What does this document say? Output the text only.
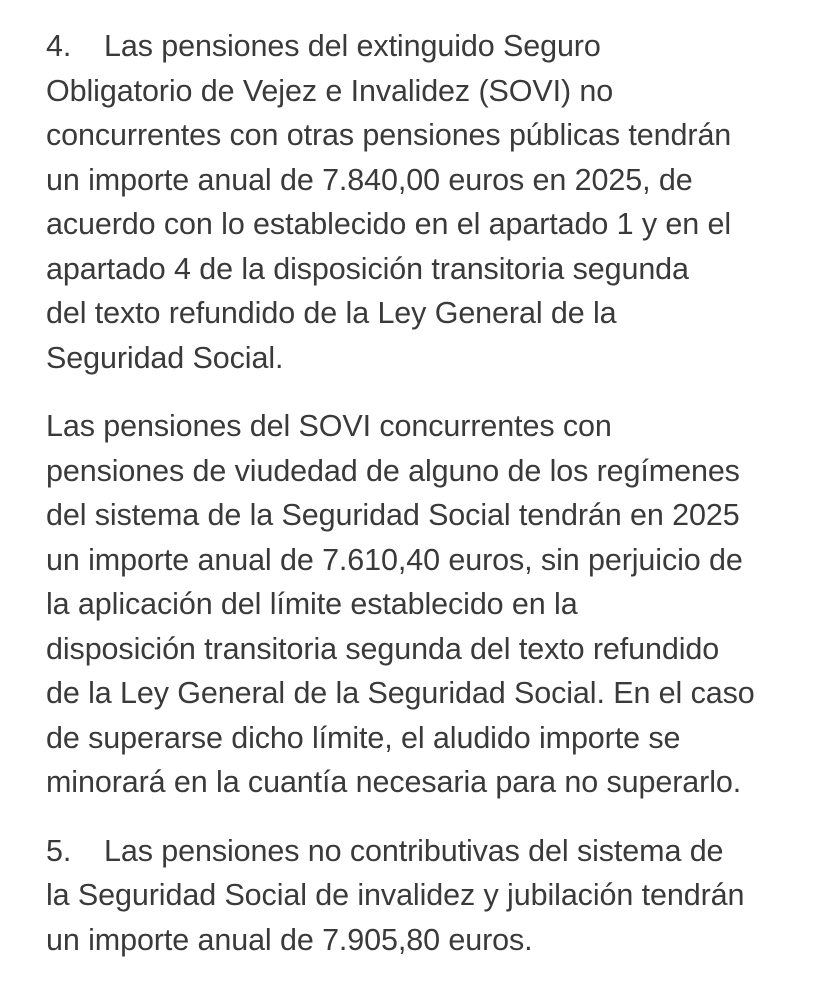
4. Las pensiones del extinguido Seguro
Obligatorio de Vejez e Invalidez (SOVI) no
concurrentes con otras pensiones públicas tendrán
un importe anual de 7.840,00 euros en 2025, de
acuerdo con lo establecido en el apartado 1 y en el
apartado 4 de la disposición transitoria segunda
del texto refundido de la Ley General de la
Seguridad Social.

Las pensiones del SOVI concurrentes con
pensiones de viudedad de alguno de los regímenes
del sistema de la Seguridad Social tendrán en 2025
un importe anual de 7.610,40 euros, sin perjuicio de
la aplicación del límite establecido en la
disposición transitoria segunda del texto refundido
de la Ley General de la Seguridad Social. En el caso
de superarse dicho límite, el aludido importe se
minorará en la cuantía necesaria para no superarlo.

5. Las pensiones no contributivas del sistema de
la Seguridad Social de invalidez y jubilación tendrán
un importe anual de 7.905,80 euros.
